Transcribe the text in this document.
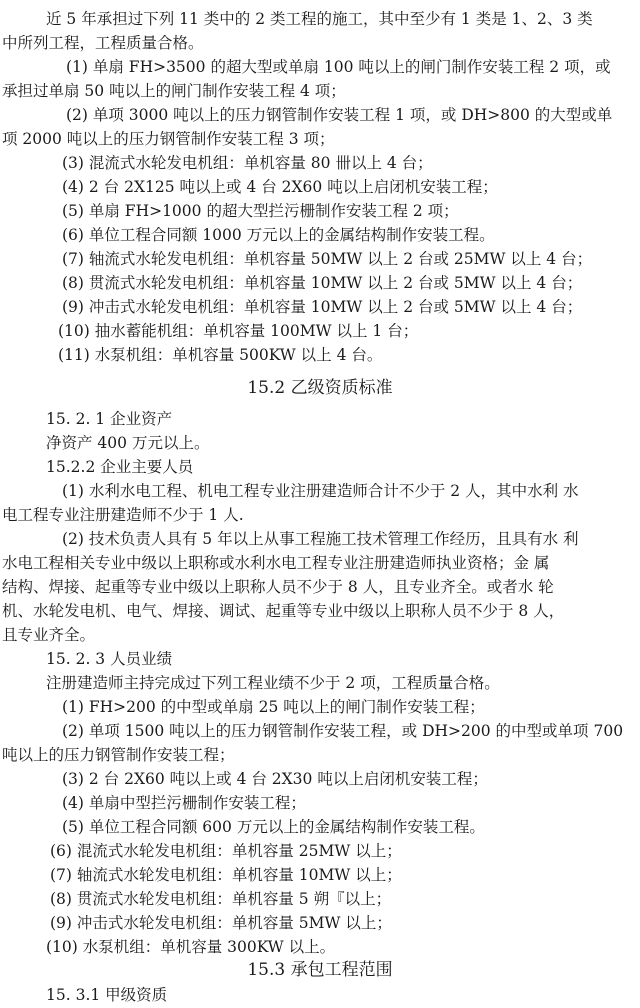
近 5 年承担过下列 11 类中的 2 类工程的施工，其中至少有 1 类是 1、2、3 类
中所列工程，工程质量合格。
(1) 单扇 FH>3500 的超大型或单扇 100 吨以上的闸门制作安装工程 2 项，或
承担过单扇 50 吨以上的闸门制作安装工程 4 项；
(2) 单项 3000 吨以上的压力钢管制作安装工程 1 项，或 DH>800 的大型或单
项 2000 吨以上的压力钢管制作安装工程 3 项；
(3) 混流式水轮发电机组：单机容量 80 卌以上 4 台；
(4) 2 台 2X125 吨以上或 4 台 2X60 吨以上启闭机安装工程；
(5) 单扇 FH>1000 的超大型拦污栅制作安装工程 2 项；
(6) 单位工程合同额 1000 万元以上的金属结构制作安装工程。
(7) 轴流式水轮发电机组：单机容量 50MW 以上 2 台或 25MW 以上 4 台；
(8) 贯流式水轮发电机组：单机容量 10MW 以上 2 台或 5MW 以上 4 台；
(9) 冲击式水轮发电机组：单机容量 10MW 以上 2 台或 5MW 以上 4 台；
(10) 抽水蓄能机组：单机容量 100MW 以上 1 台；
(11) 水泵机组：单机容量 500KW 以上 4 台。
15.2 乙级资质标准
15. 2. 1 企业资产
净资产 400 万元以上。
15.2.2 企业主要人员
(1) 水利水电工程、机电工程专业注册建造师合计不少于 2 人，其中水利 水
电工程专业注册建造师不少于 1 人.
(2) 技术负责人具有 5 年以上从事工程施工技术管理工作经历，且具有水 利
水电工程相关专业中级以上职称或水利水电工程专业注册建造师执业资格；金 属
结构、焊接、起重等专业中级以上职称人员不少于 8 人，且专业齐全。或者水 轮
机、水轮发电机、电气、焊接、调试、起重等专业中级以上职称人员不少于 8 人，
且专业齐全。
15. 2. 3 人员业绩
注册建造师主持完成过下列工程业绩不少于 2 项，工程质量合格。
(1) FH>200 的中型或单扇 25 吨以上的闸门制作安装工程；
(2) 单项 1500 吨以上的压力钢管制作安装工程，或 DH>200 的中型或单项 700
吨以上的压力钢管制作安装工程；
(3) 2 台 2X60 吨以上或 4 台 2X30 吨以上启闭机安装工程；
(4) 单扇中型拦污栅制作安装工程；
(5) 单位工程合同额 600 万元以上的金属结构制作安装工程。
(6) 混流式水轮发电机组：单机容量 25MW 以上；
(7) 轴流式水轮发电机组：单机容量 10MW 以上；
(8) 贯流式水轮发电机组：单机容量 5 朔『以上；
(9) 冲击式水轮发电机组：单机容量 5MW 以上；
(10) 水泵机组：单机容量 300KW 以上。
15.3 承包工程范围
15. 3.1 甲级资质
